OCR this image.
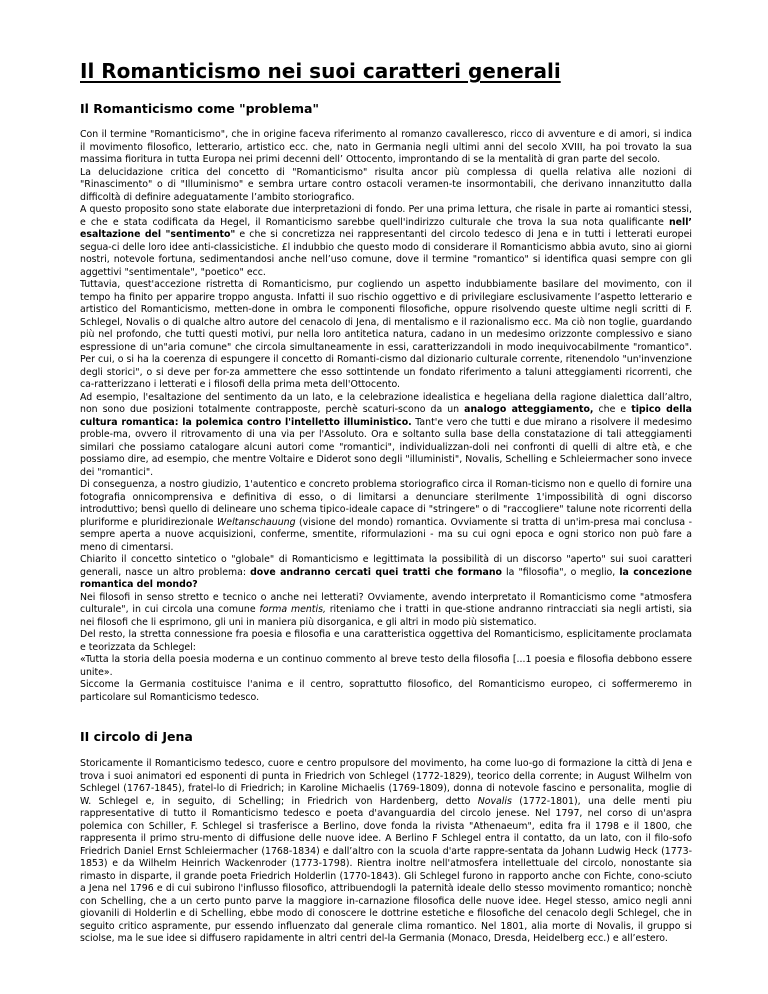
Il Romanticismo nei suoi caratteri generali
Il Romanticismo come "problema"

Con il termine "Romanticismo", che in origine faceva riferimento al romanzo cavalleresco, ricco di avventure e di amori, si indica il movimento filosofico, letterario, artistico ecc. che, nato in Germania negli ultimi anni del secolo XVIII, ha poi trovato la sua massima fioritura in tutta Europa nei primi decenni dell’ Ottocento, improntando di se la mentalità di gran parte del secolo.

La delucidazione critica del concetto di "Romanticismo" risulta ancor più complessa di quella relativa alle nozioni di "Rinascimento" o di "Illuminismo" e sembra urtare contro ostacoli veramen-te insormontabili, che derivano innanzitutto dalla difficoltà di definire adeguatamente l’ambito storiografico.

A questo proposito sono state elaborate due interpretazioni di fondo. Per una prima lettura, che risale in parte ai romantici stessi, e che e stata codificata da Hegel, il Romanticismo sarebbe quell'indirizzo culturale che trova la sua nota qualificante nell’ esaltazione del "sentimento" e che si concretizza nei rappresentanti del circolo tedesco di Jena e in tutti i letterati europei segua-ci delle loro idee anti-classicistiche. £l indubbio che questo modo di considerare il Romanticismo abbia avuto, sino ai giorni nostri, notevole fortuna, sedimentandosi anche nell’uso comune, dove il termine "romantico" si identifica quasi sempre con gli aggettivi "sentimentale", "poetico" ecc.

Tuttavia, quest'accezione ristretta di Romanticismo, pur cogliendo un aspetto indubbiamente basilare del movimento, con il tempo ha finito per apparire troppo angusta. Infatti il suo rischio oggettivo e di privilegiare esclusivamente l’aspetto letterario e artistico del Romanticismo, metten-done in ombra le componenti filosofiche, oppure risolvendo queste ultime negli scritti di F. Schlegel, Novalis o di qualche altro autore del cenacolo di Jena, di mentalismo e il razionalismo ecc. Ma ciò non toglie, guardando più nel profondo, che tutti questi motivi, pur nella loro antitetica natura, cadano in un medesimo orizzonte complessivo e siano espressione di un"aria comune" che circola simultaneamente in essi, caratterizzandoli in modo inequivocabilmente "romantico". Per cui, o si ha la coerenza di espungere il concetto di Romanti-cismo dal dizionario culturale corrente, ritenendolo "un'invenzione degli storici", o si deve per for-za ammettere che esso sottintende un fondato riferimento a taluni atteggiamenti ricorrenti, che ca-ratterizzano i letterati e i filosofi della prima meta dell'Ottocento.

Ad esempio, l'esaltazione del sentimento da un lato, e la celebrazione idealistica e hegeliana della ragione dialettica dall’altro, non sono due posizioni totalmente contrapposte, perchè scaturi-scono da un analogo atteggiamento, che e tipico della cultura romantica: la polemica contro l'intelletto illuministico. Tant'e vero che tutti e due mirano a risolvere il medesimo proble-ma, ovvero il ritrovamento di una via per l'Assoluto. Ora e soltanto sulla base della constatazione di tali atteggiamenti similari che possiamo catalogare alcuni autori come "romantici", individualizzan-doli nei confronti di quelli di altre età, e che possiamo dire, ad esempio, che mentre Voltaire e Diderot sono degli "illuministi", Novalis, Schelling e Schleiermacher sono invece dei "romantici".

Di conseguenza, a nostro giudizio, 1'autentico e concreto problema storiografico circa il Roman-ticismo non e quello di fornire una fotografia onnicomprensiva e definitiva di esso, o di limitarsi a denunciare sterilmente 1'impossibilità di ogni discorso introduttivo; bensì quello di delineare uno schema tipico-ideale capace di "stringere" o di "raccogliere" talune note ricorrenti della pluriforme e pluridirezionale Weltanschauung (visione del mondo) romantica. Ovviamente si tratta di un'im-presa mai conclusa - sempre aperta a nuove acquisizioni, conferme, smentite, riformulazioni - ma su cui ogni epoca e ogni storico non può fare a meno di cimentarsi.

Chiarito il concetto sintetico o "globale" di Romanticismo e legittimata la possibilità di un discorso "aperto" sui suoi caratteri generali, nasce un altro problema: dove andranno cercati quei tratti che formano la "filosofia", o meglio, la concezione romantica del mondo?

Nei filosofi in senso stretto e tecnico o anche nei letterati? Ovviamente, avendo interpretato il Romanticismo come "atmosfera culturale", in cui circola una comune forma mentis, riteniamo che i tratti in que-stione andranno rintracciati sia negli artisti, sia nei filosofi che li esprimono, gli uni in maniera più disorganica, e gli altri in modo più sistematico.

Del resto, la stretta connessione fra poesia e filosofia e una caratteristica oggettiva del Romanticismo, esplicitamente proclamata e teorizzata da Schlegel:

«Tutta la storia della poesia moderna e un continuo commento al breve testo della filosofia [...1 poesia e filosofia debbono essere unite».

Siccome la Germania costituisce l'anima e il centro, soprattutto filosofico, del Romanticismo europeo, ci soffermeremo in particolare sul Romanticismo tedesco.

II circolo di Jena

Storicamente il Romanticismo tedesco, cuore e centro propulsore del movimento, ha come luo-go di formazione la città di Jena e trova i suoi animatori ed esponenti di punta in Friedrich von Schlegel (1772-1829), teorico della corrente; in August Wilhelm von Schlegel (1767-1845), fratel-lo di Friedrich; in Karoline Michaelis (1769-1809), donna di notevole fascino e personalita, moglie di W. Schlegel e, in seguito, di Schelling; in Friedrich von Hardenberg, detto Novalis (1772-1801), una delle menti piu rappresentative di tutto il Romanticismo tedesco e poeta d'avanguardia del circolo jenese. Nel 1797, nel corso di un'aspra polemica con Schiller, F. Schlegel si trasferisce a Berlino, dove fonda la rivista "Athenaeum", edita fra il 1798 e il 1800, che rappresenta il primo stru-mento di diffusione delle nuove idee. A Berlino F Schlegel entra il contatto, da un lato, con il filo-sofo Friedrich Daniel Ernst Schleiermacher (1768-1834) e dall’altro con la scuola d'arte rappre-sentata da Johann Ludwig Heck (1773-1853) e da Wilhelm Heinrich Wackenroder (1773-1798). Rientra inoltre nell'atmosfera intellettuale del circolo, nonostante sia rimasto in disparte, il grande poeta Friedrich Holderlin (1770-1843). Gli Schlegel furono in rapporto anche con Fichte, cono-sciuto a Jena nel 1796 e di cui subirono l'influsso filosofico, attribuendogli la paternità ideale dello stesso movimento romantico; nonchè con Schelling, che a un certo punto parve la maggiore in-carnazione filosofica delle nuove idee. Hegel stesso, amico negli anni giovanili di Holderlin e di Schelling, ebbe modo di conoscere le dottrine estetiche e filosofiche del cenacolo degli Schlegel, che in seguito critico aspramente, pur essendo influenzato dal generale clima romantico. Nel 1801, alia morte di Novalis, il gruppo si sciolse, ma le sue idee si diffusero rapidamente in altri centri del-la Germania (Monaco, Dresda, Heidelberg ecc.) e all’estero.
